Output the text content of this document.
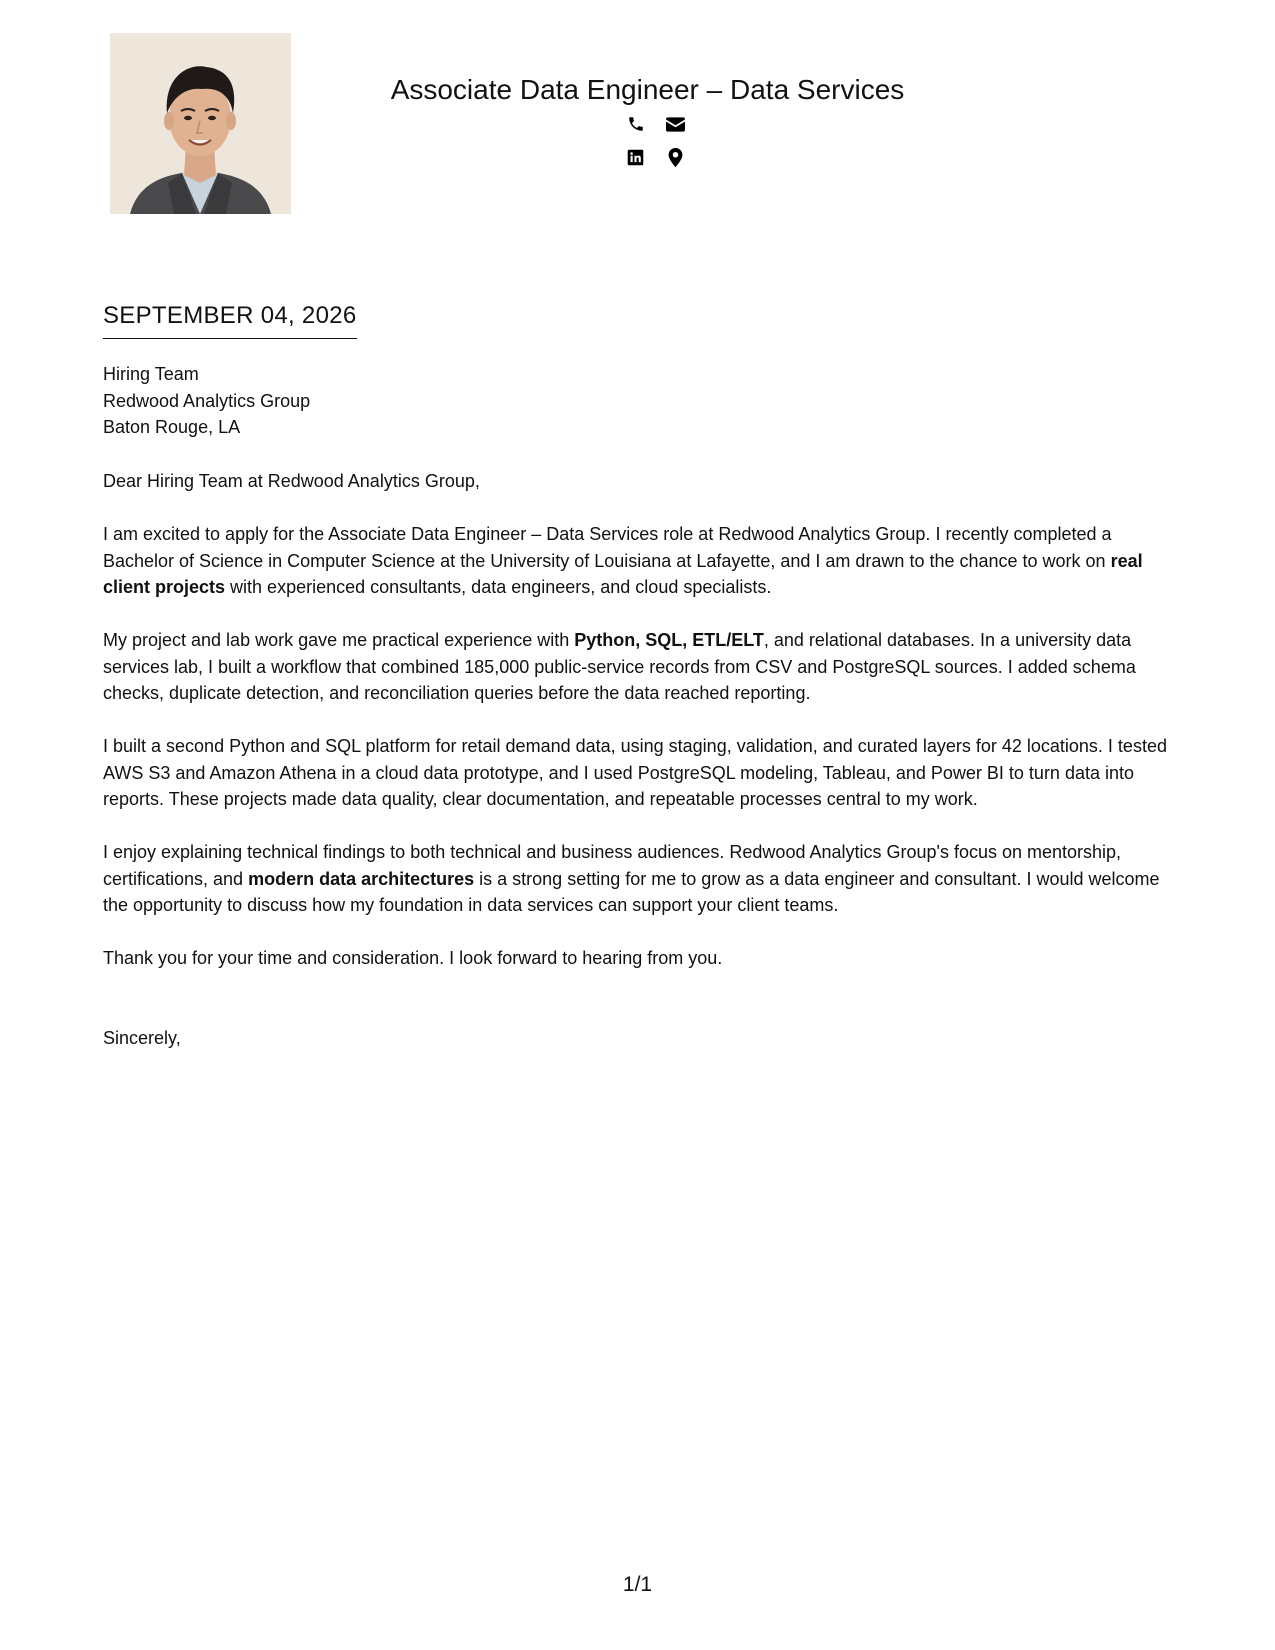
Associate Data Engineer – Data Services
SEPTEMBER 04, 2026
Hiring Team
Redwood Analytics Group
Baton Rouge, LA

Dear Hiring Team at Redwood Analytics Group,

I am excited to apply for the Associate Data Engineer – Data Services role at Redwood Analytics Group. I recently completed a Bachelor of Science in Computer Science at the University of Louisiana at Lafayette, and I am drawn to the chance to work on real client projects with experienced consultants, data engineers, and cloud specialists.

My project and lab work gave me practical experience with Python, SQL, ETL/ELT, and relational databases. In a university data services lab, I built a workflow that combined 185,000 public-service records from CSV and PostgreSQL sources. I added schema checks, duplicate detection, and reconciliation queries before the data reached reporting.

I built a second Python and SQL platform for retail demand data, using staging, validation, and curated layers for 42 locations. I tested AWS S3 and Amazon Athena in a cloud data prototype, and I used PostgreSQL modeling, Tableau, and Power BI to turn data into reports. These projects made data quality, clear documentation, and repeatable processes central to my work.

I enjoy explaining technical findings to both technical and business audiences. Redwood Analytics Group's focus on mentorship, certifications, and modern data architectures is a strong setting for me to grow as a data engineer and consultant. I would welcome the opportunity to discuss how my foundation in data services can support your client teams.

Thank you for your time and consideration. I look forward to hearing from you.

Sincerely,
1/1
